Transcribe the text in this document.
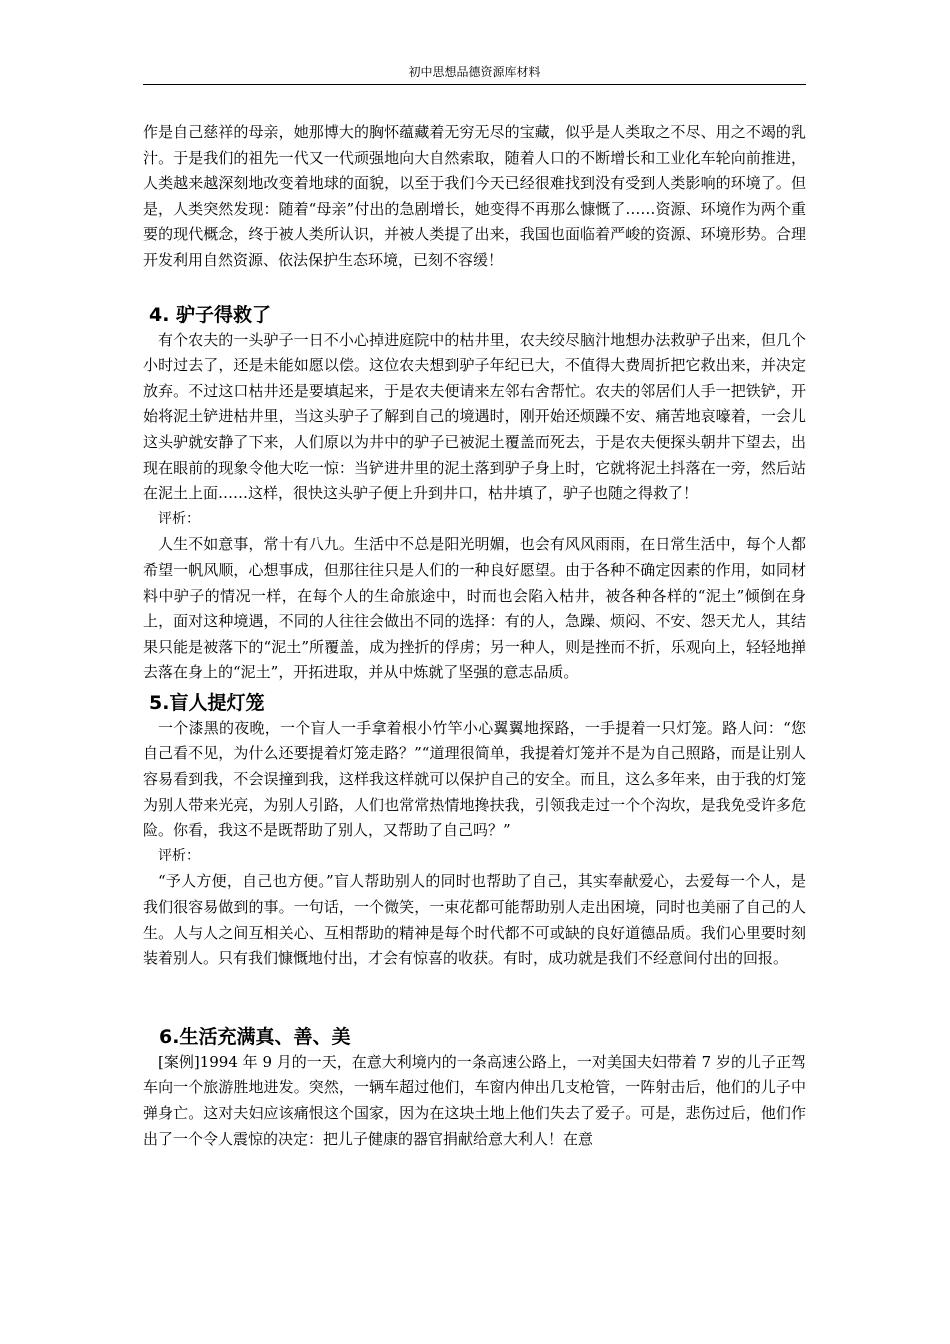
初中思想品德资源库材料

作是自己慈祥的母亲，她那博大的胸怀蕴藏着无穷无尽的宝藏，似乎是人类取之不尽、用之不竭的乳汁。于是我们的祖先一代又一代顽强地向大自然索取，随着人口的不断增长和工业化车轮向前推进，人类越来越深刻地改变着地球的面貌，以至于我们今天已经很难找到没有受到人类影响的环境了。但是，人类突然发现：随着“母亲”付出的急剧增长，她变得不再那么慷慨了……资源、环境作为两个重要的现代概念，终于被人类所认识，并被人类提了出来，我国也面临着严峻的资源、环境形势。合理开发利用自然资源、依法保护生态环境，已刻不容缓！

4. 驴子得救了

有个农夫的一头驴子一日不小心掉进庭院中的枯井里，农夫绞尽脑汁地想办法救驴子出来，但几个小时过去了，还是未能如愿以偿。这位农夫想到驴子年纪已大，不值得大费周折把它救出来，并决定放弃。不过这口枯井还是要填起来，于是农夫便请来左邻右舍帮忙。农夫的邻居们人手一把铁铲，开始将泥土铲进枯井里，当这头驴子了解到自己的境遇时，刚开始还烦躁不安、痛苦地哀嚎着，一会儿这头驴就安静了下来，人们原以为井中的驴子已被泥土覆盖而死去，于是农夫便探头朝井下望去，出现在眼前的现象令他大吃一惊：当铲进井里的泥土落到驴子身上时，它就将泥土抖落在一旁，然后站在泥土上面……这样，很快这头驴子便上升到井口，枯井填了，驴子也随之得救了！

评析：

人生不如意事，常十有八九。生活中不总是阳光明媚，也会有风风雨雨，在日常生活中，每个人都希望一帆风顺，心想事成，但那往往只是人们的一种良好愿望。由于各种不确定因素的作用，如同材料中驴子的情况一样，在每个人的生命旅途中，时而也会陷入枯井，被各种各样的“泥土”倾倒在身上，面对这种境遇，不同的人往往会做出不同的选择：有的人，急躁、烦闷、不安、怨天尤人，其结果只能是被落下的“泥土”所覆盖，成为挫折的俘虏；另一种人，则是挫而不折，乐观向上，轻轻地掸去落在身上的“泥土”，开拓进取，并从中炼就了坚强的意志品质。

5.盲人提灯笼

一个漆黑的夜晚，一个盲人一手拿着根小竹竿小心翼翼地探路，一手提着一只灯笼。路人问：“您自己看不见，为什么还要提着灯笼走路？”“道理很简单，我提着灯笼并不是为自己照路，而是让别人容易看到我，不会误撞到我，这样我这样就可以保护自己的安全。而且，这么多年来，由于我的灯笼为别人带来光亮，为别人引路，人们也常常热情地搀扶我，引领我走过一个个沟坎，是我免受许多危险。你看，我这不是既帮助了别人，又帮助了自己吗？”

评析：

“予人方便，自己也方便。”盲人帮助别人的同时也帮助了自己，其实奉献爱心，去爱每一个人，是我们很容易做到的事。一句话，一个微笑，一束花都可能帮助别人走出困境，同时也美丽了自己的人生。人与人之间互相关心、互相帮助的精神是每个时代都不可或缺的良好道德品质。我们心里要时刻装着别人。只有我们慷慨地付出，才会有惊喜的收获。有时，成功就是我们不经意间付出的回报。

6.生活充满真、善、美

[案例]1994 年 9 月的一天，在意大利境内的一条高速公路上，一对美国夫妇带着 7 岁的儿子正驾车向一个旅游胜地进发。突然，一辆车超过他们，车窗内伸出几支枪管，一阵射击后，他们的儿子中弹身亡。这对夫妇应该痛恨这个国家，因为在这块土地上他们失去了爱子。可是，悲伤过后，他们作出了一个令人震惊的决定：把儿子健康的器官捐献给意大利人！在意
